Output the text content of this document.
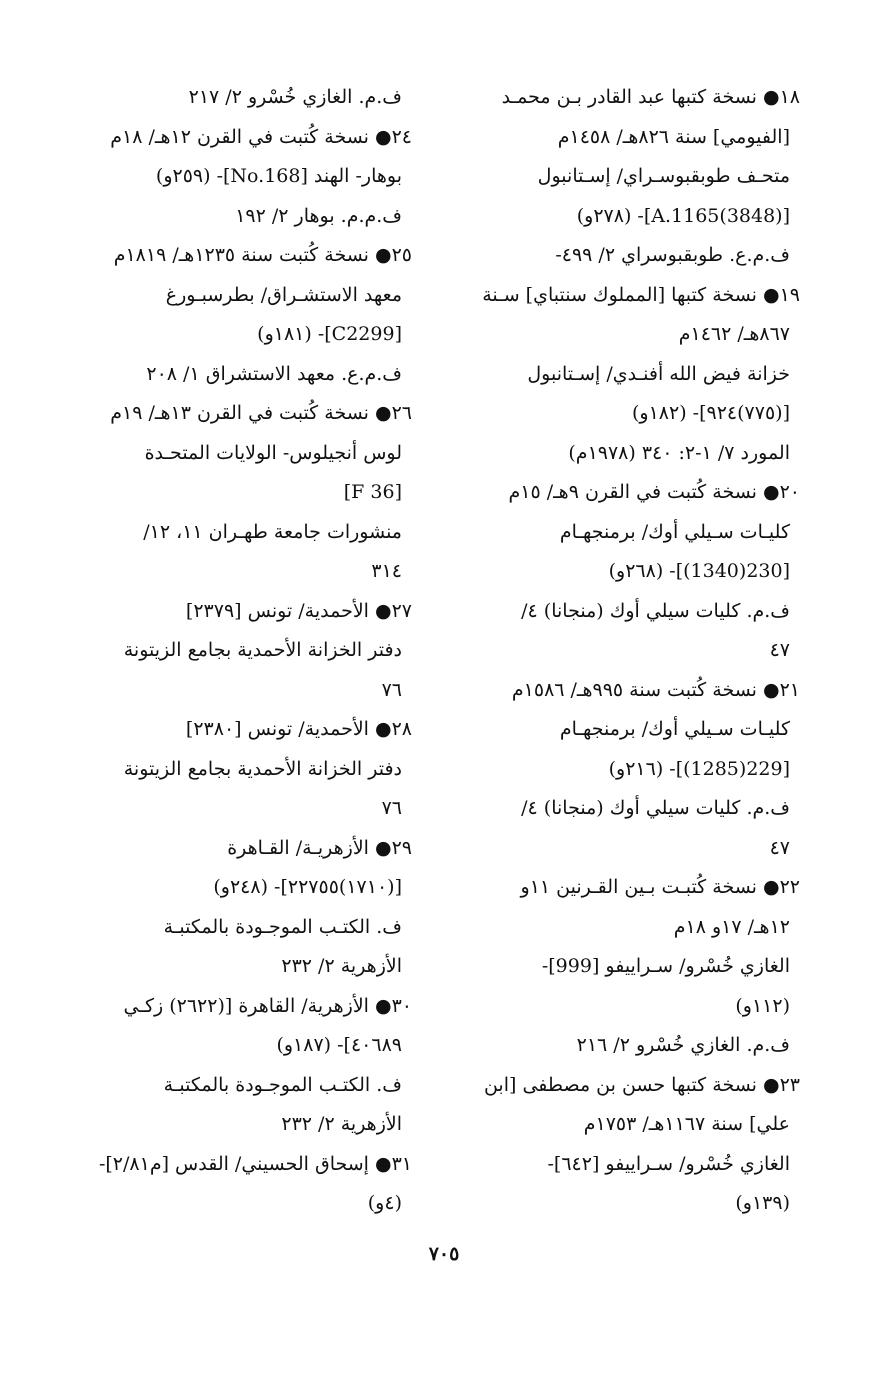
١٨● نسخة كتبها عبد القادر بـن محمـد
[الفيومي] سنة ٨٢٦هـ/ ١٤٥٨م
متحـف طوبقبوسـراي/ إسـتانبول
[(3848)A.1165]- (٢٧٨و)
ف.م.ع. طوبقبوسراي ٢/ ٤٩٩-
١٩● نسخة كتبها [المملوك سنتباي] سـنة
٨٦٧هـ/ ١٤٦٢م
خزانة فيض الله أفنـدي/ إسـتانبول
[(٧٧٥)٩٢٤]- (١٨٢و)
المورد ٧/ ١-٢: ٣٤٠ (١٩٧٨م)
٢٠● نسخة كُتبت في القرن ٩هـ/ ١٥م
كليـات سـيلي أوك/ برمنجهـام
[230(1340)]- (٢٦٨و)
ف.م. كليات سيلي أوك (منجانا) ٤/
٤٧
٢١● نسخة كُتبت سنة ٩٩٥هـ/ ١٥٨٦م
كليـات سـيلي أوك/ برمنجهـام
[229(1285)]- (٢١٦و)
ف.م. كليات سيلي أوك (منجانا) ٤/
٤٧
٢٢● نسخة كُتبـت بـين القـرنين ١١و
١٢هـ/ ١٧و ١٨م
الغازي خُسْرو/ سـراييفو [999]-
(١١٢و)
ف.م. الغازي خُسْرو ٢/ ٢١٦
٢٣● نسخة كتبها حسن بن مصطفى [ابن
علي] سنة ١١٦٧هـ/ ١٧٥٣م
الغازي خُسْرو/ سـراييفو [٦٤٢]-
(١٣٩و)
ف.م. الغازي خُسْرو ٢/ ٢١٧
٢٤● نسخة كُتبت في القرن ١٢هـ/ ١٨م
بوهار- الهند [No.168]- (٢٥٩و)
ف.م.م. بوهار ٢/ ١٩٢
٢٥● نسخة كُتبت سنة ١٢٣٥هـ/ ١٨١٩م
معهد الاستشـراق/ بطرسبـورغ
[C2299]- (١٨١و)
ف.م.ع. معهد الاستشراق ١/ ٢٠٨
٢٦● نسخة كُتبت في القرن ١٣هـ/ ١٩م
لوس أنجيلوس- الولايات المتحـدة
[F 36]
منشورات جامعة طهـران ١١، ١٢/
٣١٤
٢٧● الأحمدية/ تونس [٢٣٧٩]
دفتر الخزانة الأحمدية بجامع الزيتونة
٧٦
٢٨● الأحمدية/ تونس [٢٣٨٠]
دفتر الخزانة الأحمدية بجامع الزيتونة
٧٦
٢٩● الأزهريـة/ القـاهرة
[(١٧١٠)٢٢٧٥٥]- (٢٤٨و)
ف. الكتـب الموجـودة بالمكتبـة
الأزهرية ٢/ ٢٣٢
٣٠● الأزهرية/ القاهرة [(٢٦٢٢) زكـي
٤٠٦٨٩]- (١٨٧و)
ف. الكتـب الموجـودة بالمكتبـة
الأزهرية ٢/ ٢٣٢
٣١● إسحاق الحسيني/ القدس [م٢/٨١]-
(٤و)
٧٠٥
